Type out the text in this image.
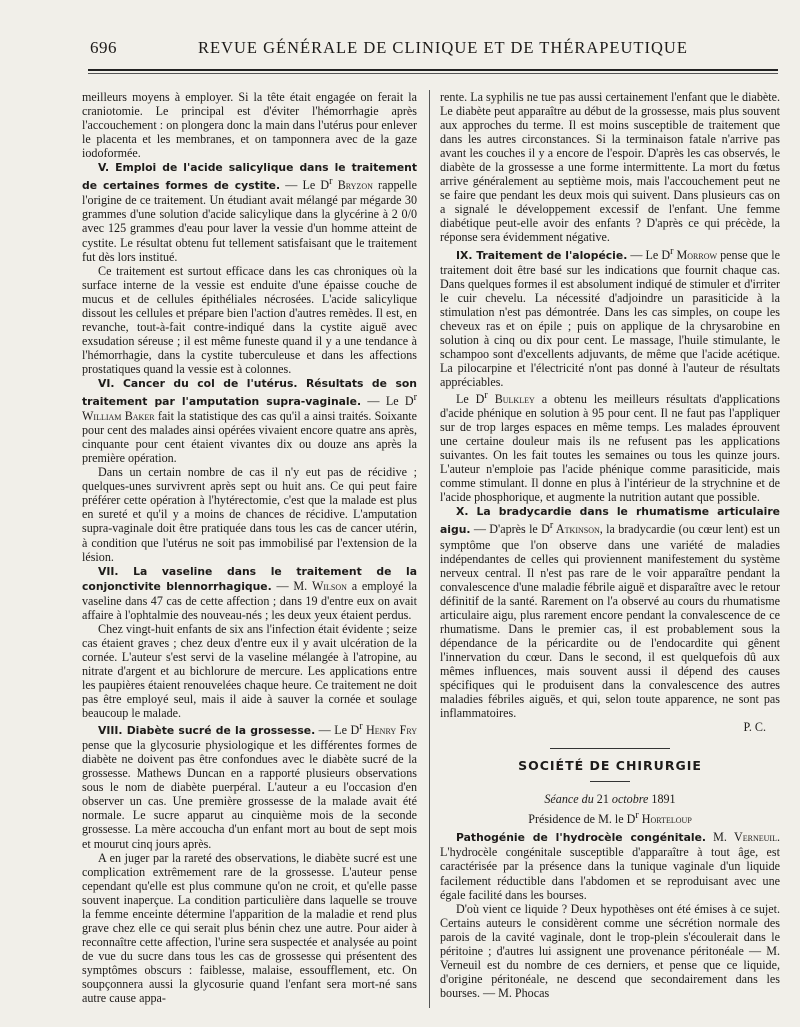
696	REVUE GÉNÉRALE DE CLINIQUE ET DE THÉRAPEUTIQUE

meilleurs moyens à employer. Si la tête était engagée on ferait la craniotomie. Le principal est d'éviter l'hémorrhagie après l'accouchement : on plongera donc la main dans l'utérus pour enlever le placenta et les membranes, et on tamponnera avec de la gaze iodoformée.

V. Emploi de l'acide salicylique dans le traitement de certaines formes de cystite. — Le $D^r$ Bryzon rappelle l'origine de ce traitement. Un étudiant avait mélangé par mégarde 30 grammes d'une solution d'acide salicylique dans la glycérine à 2 0/0 avec 125 grammes d'eau pour laver la vessie d'un homme atteint de cystite. Le résultat obtenu fut tellement satisfaisant que le traitement fut dès lors institué.

Ce traitement est surtout efficace dans les cas chroniques où la surface interne de la vessie est enduite d'une épaisse couche de mucus et de cellules épithéliales nécrosées. L'acide salicylique dissout les cellules et prépare bien l'action d'autres remèdes. Il est, en revanche, tout-à-fait contre-indiqué dans la cystite aiguë avec exsudation séreuse ; il est même funeste quand il y a une tendance à l'hémorrhagie, dans la cystite tuberculeuse et dans les affections prostatiques quand la vessie est à colonnes.

VI. Cancer du col de l'utérus. Résultats de son traitement par l'amputation supra-vaginale. — Le $D^r$ William Baker fait la statistique des cas qu'il a ainsi traités. Soixante pour cent des malades ainsi opérées vivaient encore quatre ans après, cinquante pour cent étaient vivantes dix ou douze ans après la première opération.

Dans un certain nombre de cas il n'y eut pas de récidive ; quelques-unes survivrent après sept ou huit ans. Ce qui peut faire préférer cette opération à l'hytérectomie, c'est que la malade est plus en sureté et qu'il y a moins de chances de récidive. L'amputation supra-vaginale doit être pratiquée dans tous les cas de cancer utérin, à condition que l'utérus ne soit pas immobilisé par l'extension de la lésion.

VII. La vaseline dans le traitement de la conjonctivite blennorrhagique. — M. Wilson a employé la vaseline dans 47 cas de cette affection ; dans 19 d'entre eux on avait affaire à l'ophtalmie des nouveau-nés ; les deux yeux étaient perdus.

Chez vingt-huit enfants de six ans l'infection était évidente ; seize cas étaient graves ; chez deux d'entre eux il y avait ulcération de la cornée. L'auteur s'est servi de la vaseline mélangée à l'atropine, au nitrate d'argent et au bichlorure de mercure. Les applications entre les paupières étaient renouvelées chaque heure. Ce traitement ne doit pas être employé seul, mais il aide à sauver la cornée et soulage beaucoup le malade.

VIII. Diabète sucré de la grossesse. — Le $D^r$ Henry Fry pense que la glycosurie physiologique et les différentes formes de diabète ne doivent pas être confondues avec le diabète sucré de la grossesse. Mathews Duncan en a rapporté plusieurs observations sous le nom de diabète puerpéral. L'auteur a eu l'occasion d'en observer un cas. Une première grossesse de la malade avait été normale. Le sucre apparut au cinquième mois de la seconde grossesse. La mère accoucha d'un enfant mort au bout de sept mois et mourut cinq jours après.

A en juger par la rareté des observations, le diabète sucré est une complication extrêmement rare de la grossesse. L'auteur pense cependant qu'elle est plus commune qu'on ne croit, et qu'elle passe souvent inaperçue. La condition particulière dans laquelle se trouve la femme enceinte détermine l'apparition de la maladie et rend plus grave chez elle ce qui serait plus bénin chez une autre. Pour aider à reconnaître cette affection, l'urine sera suspectée et analysée au point de vue du sucre dans tous les cas de grossesse qui présentent des symptômes obscurs : faiblesse, malaise, essoufflement, etc. On soupçonnera aussi la glycosurie quand l'enfant sera mort-né sans autre cause appa-

rente. La syphilis ne tue pas aussi certainement l'enfant que le diabète. Le diabète peut apparaître au début de la grossesse, mais plus souvent aux approches du terme. Il est moins susceptible de traitement que dans les autres circonstances. Si la terminaison fatale n'arrive pas avant les couches il y a encore de l'espoir. D'après les cas observés, le diabète de la grossesse a une forme intermittente. La mort du fœtus arrive généralement au septième mois, mais l'accouchement peut ne se faire que pendant les deux mois qui suivent. Dans plusieurs cas on a signalé le développement excessif de l'enfant. Une femme diabétique peut-elle avoir des enfants ? D'après ce qui précède, la réponse sera évidemment négative.

IX. Traitement de l'alopécie. — Le $D^r$ Morrow pense que le traitement doit être basé sur les indications que fournit chaque cas. Dans quelques formes il est absolument indiqué de stimuler et d'irriter le cuir chevelu. La nécessité d'adjoindre un parasiticide à la stimulation n'est pas démontrée. Dans les cas simples, on coupe les cheveux ras et on épile ; puis on applique de la chrysarobine en solution à cinq ou dix pour cent. Le massage, l'huile stimulante, le schampoo sont d'excellents adjuvants, de même que l'acide acétique. La pilocarpine et l'électricité n'ont pas donné à l'auteur de résultats appréciables.

Le $D^r$ Bulkley a obtenu les meilleurs résultats d'applications d'acide phénique en solution à 95 pour cent. Il ne faut pas l'appliquer sur de trop larges espaces en même temps. Les malades éprouvent une certaine douleur mais ils ne refusent pas les applications suivantes. On les fait toutes les semaines ou tous les quinze jours. L'auteur n'emploie pas l'acide phénique comme parasiticide, mais comme stimulant. Il donne en plus à l'intérieur de la strychnine et de l'acide phosphorique, et augmente la nutrition autant que possible.

X. La bradycardie dans le rhumatisme articulaire aigu. — D'après le $D^r$ Atkinson, la bradycardie (ou cœur lent) est un symptôme que l'on observe dans une variété de maladies indépendantes de celles qui proviennent manifestement du système nerveux central. Il n'est pas rare de le voir apparaître pendant la convalescence d'une maladie fébrile aiguë et disparaître avec le retour définitif de la santé. Rarement on l'a observé au cours du rhumatisme articulaire aigu, plus rarement encore pendant la convalescence de ce rhumatisme. Dans le premier cas, il est probablement sous la dépendance de la péricardite ou de l'endocardite qui gênent l'innervation du cœur. Dans le second, il est quelquefois dû aux mêmes influences, mais souvent aussi il dépend des causes spécifiques qui le produisent dans la convalescence des autres maladies fébriles aiguës, et qui, selon toute apparence, ne sont pas inflammatoires.

P. C.

SOCIÉTÉ DE CHIRURGIE

Séance du 21 octobre 1891

Présidence de M. le $D^r$ Horteloup

Pathogénie de l'hydrocèle congénitale. M. Verneuil. L'hydrocèle congénitale susceptible d'apparaître à tout âge, est caractérisée par la présence dans la tunique vaginale d'un liquide facilement réductible dans l'abdomen et se reproduisant avec une égale facilité dans les bourses.

D'où vient ce liquide ? Deux hypothèses ont été émises à ce sujet. Certains auteurs le considèrent comme une sécrétion normale des parois de la cavité vaginale, dont le trop-plein s'écoulerait dans le péritoine ; d'autres lui assignent une provenance péritonéale — M. Verneuil est du nombre de ces derniers, et pense que ce liquide, d'origine péritonéale, ne descend que secondairement dans les bourses. — M. Phocas
